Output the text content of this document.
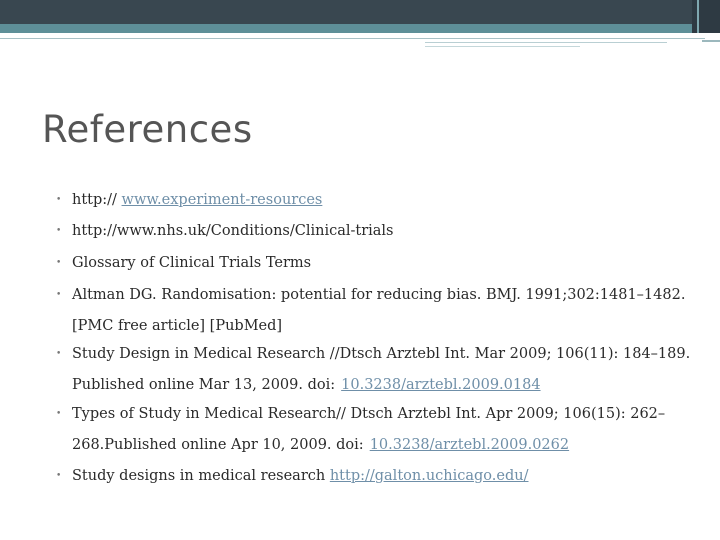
References
• http:// www.experiment-resources
• http://www.nhs.uk/Conditions/Clinical-trials
• Glossary of Clinical Trials Terms
• Altman DG. Randomisation: potential for reducing bias. BMJ. 1991;302:1481–1482.
[PMC free article] [PubMed]
• Study Design in Medical Research //Dtsch Arztebl Int. Mar 2009; 106(11): 184–189.
Published online Mar 13, 2009. doi: 10.3238/arztebl.2009.0184
• Types of Study in Medical Research// Dtsch Arztebl Int. Apr 2009; 106(15): 262–
268.Published online Apr 10, 2009. doi: 10.3238/arztebl.2009.0262
• Study designs in medical research http://galton.uchicago.edu/
